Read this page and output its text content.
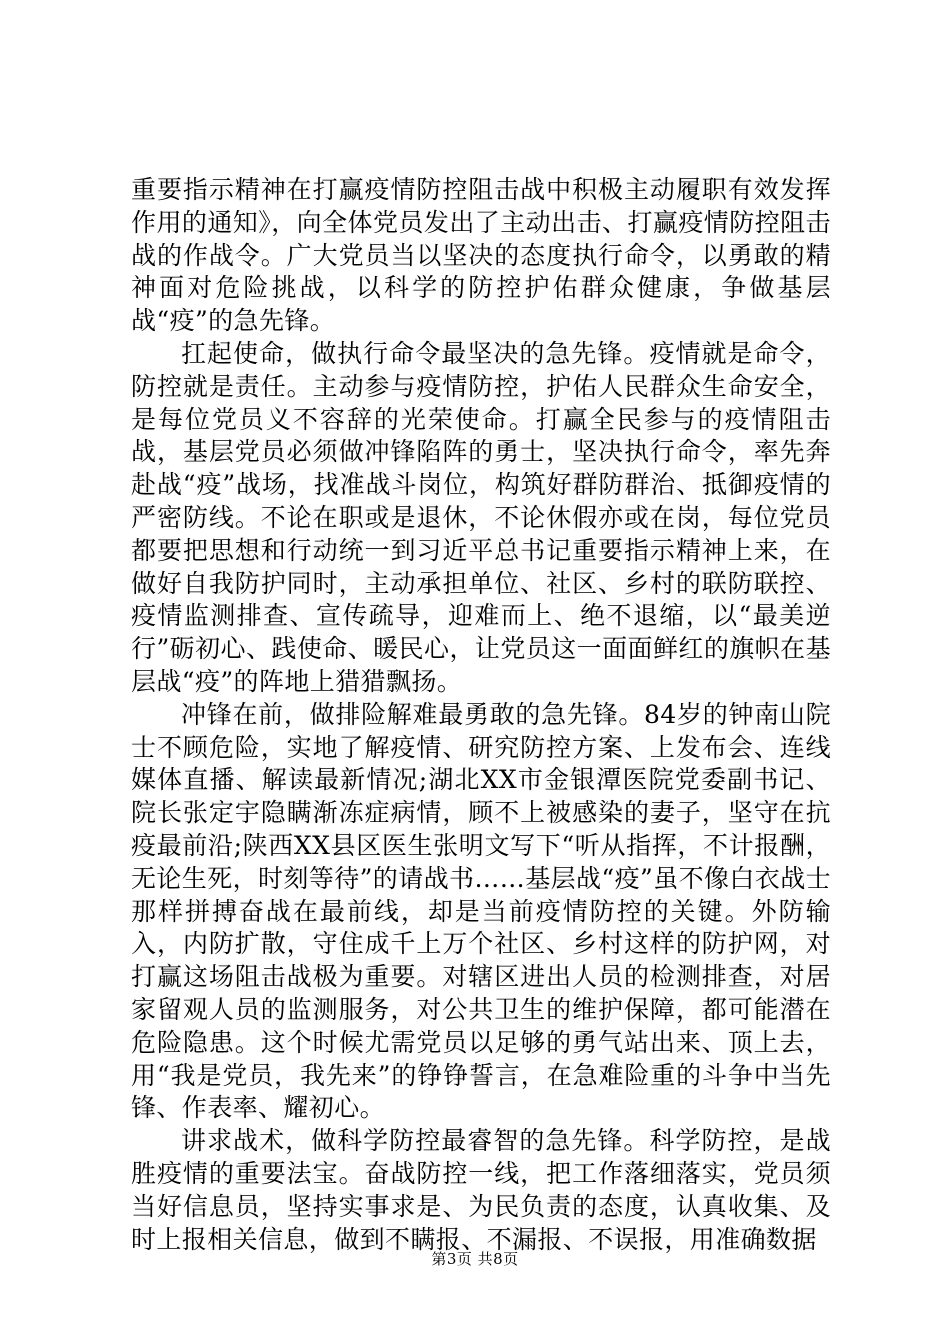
重要指示精神在打赢疫情防控阻击战中积极主动履职有效发挥作用的通知》，向全体党员发出了主动出击、打赢疫情防控阻击战的作战令。广大党员当以坚决的态度执行命令，以勇敢的精神面对危险挑战，以科学的防控护佑群众健康，争做基层战“疫”的急先锋。

扛起使命，做执行命令最坚决的急先锋。疫情就是命令，防控就是责任。主动参与疫情防控，护佑人民群众生命安全，是每位党员义不容辞的光荣使命。打赢全民参与的疫情阻击战，基层党员必须做冲锋陷阵的勇士，坚决执行命令，率先奔赴战“疫”战场，找准战斗岗位，构筑好群防群治、抵御疫情的严密防线。不论在职或是退休，不论休假亦或在岗，每位党员都要把思想和行动统一到习近平总书记重要指示精神上来，在做好自我防护同时，主动承担单位、社区、乡村的联防联控、疫情监测排查、宣传疏导，迎难而上、绝不退缩，以“最美逆行”砺初心、践使命、暖民心，让党员这一面面鲜红的旗帜在基层战“疫”的阵地上猎猎飘扬。

冲锋在前，做排险解难最勇敢的急先锋。84岁的钟南山院士不顾危险，实地了解疫情、研究防控方案、上发布会、连线媒体直播、解读最新情况;湖北XX市金银潭医院党委副书记、院长张定宇隐瞒渐冻症病情，顾不上被感染的妻子，坚守在抗疫最前沿;陕西XX县区医生张明文写下“听从指挥，不计报酬，无论生死，时刻等待”的请战书……基层战“疫”虽不像白衣战士那样拼搏奋战在最前线，却是当前疫情防控的关键。外防输入，内防扩散，守住成千上万个社区、乡村这样的防护网，对打赢这场阻击战极为重要。对辖区进出人员的检测排查，对居家留观人员的监测服务，对公共卫生的维护保障，都可能潜在危险隐患。这个时候尤需党员以足够的勇气站出来、顶上去，用“我是党员，我先来”的铮铮誓言，在急难险重的斗争中当先锋、作表率、耀初心。

讲求战术，做科学防控最睿智的急先锋。科学防控，是战胜疫情的重要法宝。奋战防控一线，把工作落细落实，党员须当好信息员，坚持实事求是、为民负责的态度，认真收集、及时上报相关信息，做到不瞒报、不漏报、不误报，用准确数据

第3页 共8页
